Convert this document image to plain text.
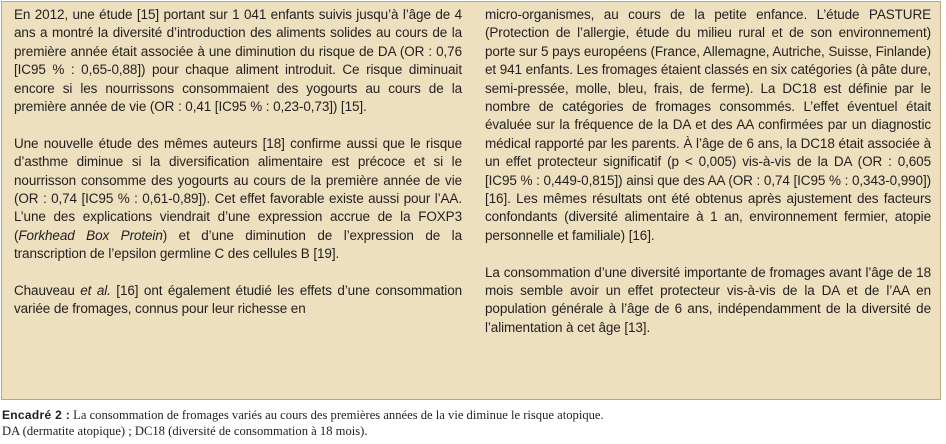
En 2012, une étude [15] portant sur 1 041 enfants suivis jusqu’à l’âge de 4 ans a montré la diversité d’introduction des aliments solides au cours de la première année était associée à une diminution du risque de DA (OR : 0,76 [IC95 % : 0,65-0,88]) pour chaque aliment introduit. Ce risque diminuait encore si les nourrissons consommaient des yogourts au cours de la première année de vie (OR : 0,41 [IC95 % : 0,23-0,73]) [15].

Une nouvelle étude des mêmes auteurs [18] confirme aussi que le risque d’asthme diminue si la diversification alimentaire est précoce et si le nourrisson consomme des yogourts au cours de la première année de vie (OR : 0,74 [IC95 % : 0,61-0,89]). Cet effet favorable existe aussi pour l’AA. L’une des explications viendrait d’une expression accrue de la FOXP3 (Forkhead Box Protein) et d’une diminution de l’expression de la transcription de l’epsilon germline C des cellules B [19].

Chauveau et al. [16] ont également étudié les effets d’une consommation variée de fromages, connus pour leur richesse en

micro-organismes, au cours de la petite enfance. L’étude PASTURE (Protection de l’allergie, étude du milieu rural et de son environnement) porte sur 5 pays européens (France, Allemagne, Autriche, Suisse, Finlande) et 941 enfants. Les fromages étaient classés en six catégories (à pâte dure, semi-pressée, molle, bleu, frais, de ferme). La DC18 est définie par le nombre de catégories de fromages consommés. L’effet éventuel était évaluée sur la fréquence de la DA et des AA confirmées par un diagnostic médical rapporté par les parents. À l’âge de 6 ans, la DC18 était associée à un effet protecteur significatif (p < 0,005) vis-à-vis de la DA (OR : 0,605 [IC95 % : 0,449-0,815]) ainsi que des AA (OR : 0,74 [IC95 % : 0,343-0,990]) [16]. Les mêmes résultats ont été obtenus après ajustement des facteurs confondants (diversité alimentaire à 1 an, environnement fermier, atopie personnelle et familiale) [16].

La consommation d’une diversité importante de fromages avant l’âge de 18 mois semble avoir un effet protecteur vis-à-vis de la DA et de l’AA en population générale à l’âge de 6 ans, indépendamment de la diversité de l’alimentation à cet âge [13].

Encadré 2 : La consommation de fromages variés au cours des premières années de la vie diminue le risque atopique.
DA (dermatite atopique) ; DC18 (diversité de consommation à 18 mois).
